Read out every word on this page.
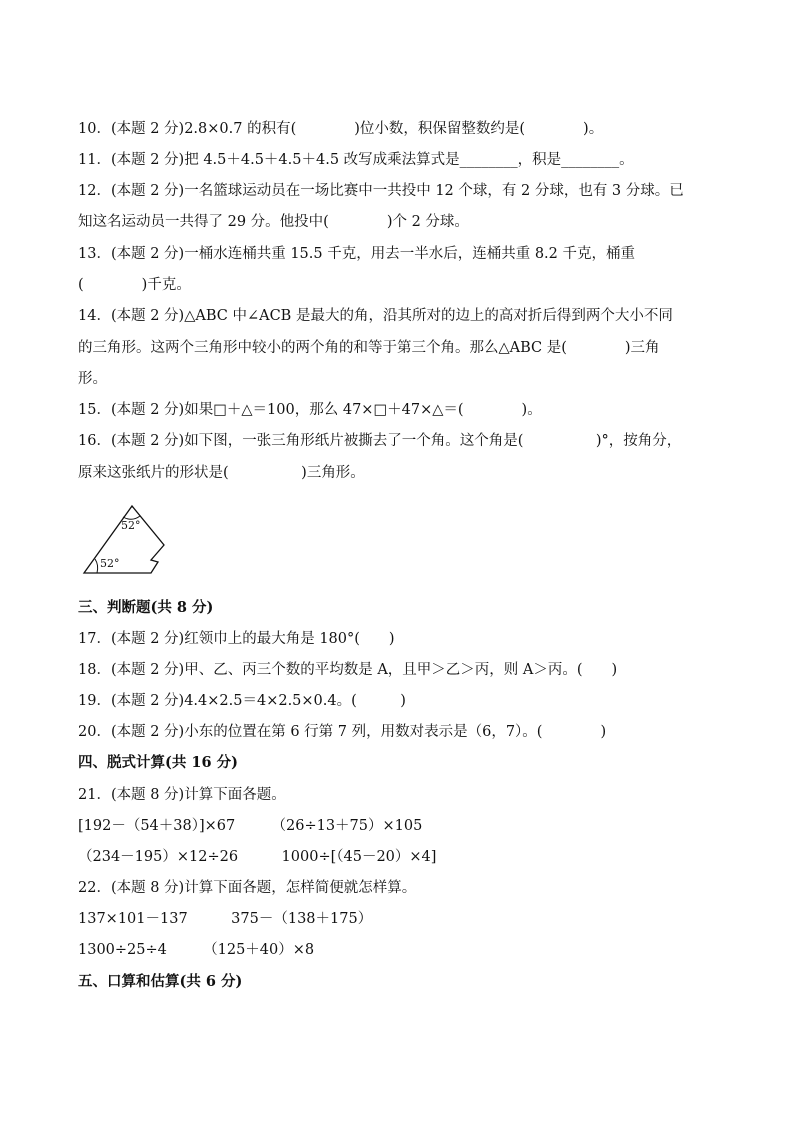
10．(本题 2 分)2.8×0.7 的积有(　　　　)位小数，积保留整数约是(　　　　)。
11．(本题 2 分)把 4.5＋4.5＋4.5＋4.5 改写成乘法算式是________，积是________。
12．(本题 2 分)一名篮球运动员在一场比赛中一共投中 12 个球，有 2 分球，也有 3 分球。已
知这名运动员一共得了 29 分。他投中(　　　　)个 2 分球。
13．(本题 2 分)一桶水连桶共重 15.5 千克，用去一半水后，连桶共重 8.2 千克，桶重
(　　　　)千克。
14．(本题 2 分)△ABC 中∠ACB 是最大的角，沿其所对的边上的高对折后得到两个大小不同
的三角形。这两个三角形中较小的两个角的和等于第三个角。那么△ABC 是(　　　　)三角
形。
15．(本题 2 分)如果□＋△＝100，那么 47×□＋47×△＝(　　　　)。
16．(本题 2 分)如下图，一张三角形纸片被撕去了一个角。这个角是(　　　　　)°，按角分，
原来这张纸片的形状是(　　　　　)三角形。
52°
52°
三、判断题(共 8 分)
17．(本题 2 分)红领巾上的最大角是 180°(　　)
18．(本题 2 分)甲、乙、丙三个数的平均数是 A，且甲＞乙＞丙，则 A＞丙。(　　)
19．(本题 2 分)4.4×2.5＝4×2.5×0.4。(　　　)
20．(本题 2 分)小东的位置在第 6 行第 7 列，用数对表示是（6，7）。(　　　　)
四、脱式计算(共 16 分)
21．(本题 8 分)计算下面各题。
[192－（54＋38）]×67　　　（26÷13＋75）×105
（234－195）×12÷26　　　1000÷[（45－20）×4]
22．(本题 8 分)计算下面各题，怎样简便就怎样算。
137×101－137　　　375－（138＋175）
1300÷25÷4　　　（125＋40）×8
五、口算和估算(共 6 分)
